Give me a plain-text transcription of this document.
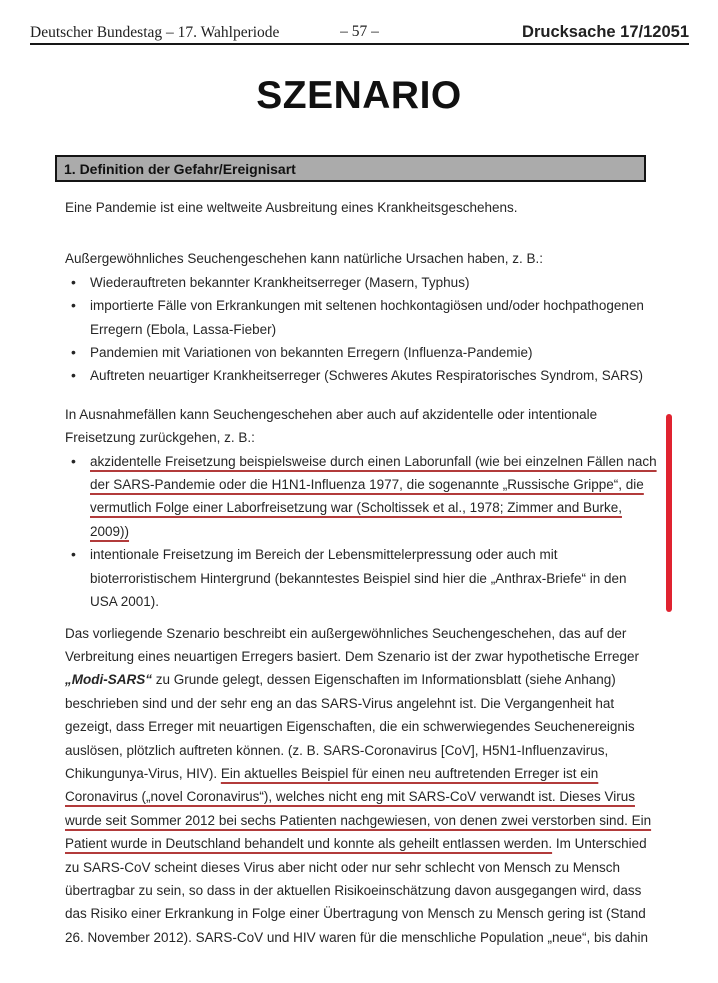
Deutscher Bundestag – 17. Wahlperiode	– 57 –	Drucksache 17/12051
SZENARIO
1. Definition der Gefahr/Ereignisart

Eine Pandemie ist eine weltweite Ausbreitung eines Krankheitsgeschehens.

Außergewöhnliches Seuchengeschehen kann natürliche Ursachen haben, z. B.:

• Wiederauftreten bekannter Krankheitserreger (Masern, Typhus)
• importierte Fälle von Erkrankungen mit seltenen hochkontagiösen und/oder hochpathogenen Erregern (Ebola, Lassa-Fieber)
• Pandemien mit Variationen von bekannten Erregern (Influenza-Pandemie)
• Auftreten neuartiger Krankheitserreger (Schweres Akutes Respiratorisches Syndrom, SARS)

In Ausnahmefällen kann Seuchengeschehen aber auch auf akzidentelle oder intentionale Freisetzung zurückgehen, z. B.:

• akzidentelle Freisetzung beispielsweise durch einen Laborunfall (wie bei einzelnen Fällen nach der SARS-Pandemie oder die H1N1-Influenza 1977, die sogenannte „Russische Grippe“, die vermutlich Folge einer Laborfreisetzung war (Scholtissek et al., 1978; Zimmer and Burke, 2009))
• intentionale Freisetzung im Bereich der Lebensmittelerpressung oder auch mit bioterroristischem Hintergrund (bekanntestes Beispiel sind hier die „Anthrax-Briefe“ in den USA 2001).

Das vorliegende Szenario beschreibt ein außergewöhnliches Seuchengeschehen, das auf der Verbreitung eines neuartigen Erregers basiert. Dem Szenario ist der zwar hypothetische Erreger „Modi-SARS“ zu Grunde gelegt, dessen Eigenschaften im Informationsblatt (siehe Anhang) beschrieben sind und der sehr eng an das SARS-Virus angelehnt ist. Die Vergangenheit hat gezeigt, dass Erreger mit neuartigen Eigenschaften, die ein schwerwiegendes Seuchenereignis auslösen, plötzlich auftreten können. (z. B. SARS-Coronavirus [CoV], H5N1-Influenzavirus, Chikungunya-Virus, HIV). Ein aktuelles Beispiel für einen neu auftretenden Erreger ist ein Coronavirus („novel Coronavirus“), welches nicht eng mit SARS-CoV verwandt ist. Dieses Virus wurde seit Sommer 2012 bei sechs Patienten nachgewiesen, von denen zwei verstorben sind. Ein Patient wurde in Deutschland behandelt und konnte als geheilt entlassen werden. Im Unterschied zu SARS-CoV scheint dieses Virus aber nicht oder nur sehr schlecht von Mensch zu Mensch übertragbar zu sein, so dass in der aktuellen Risikoeinschätzung davon ausgegangen wird, dass das Risiko einer Erkrankung in Folge einer Übertragung von Mensch zu Mensch gering ist (Stand 26. November 2012). SARS-CoV und HIV waren für die menschliche Population „neue“, bis dahin
